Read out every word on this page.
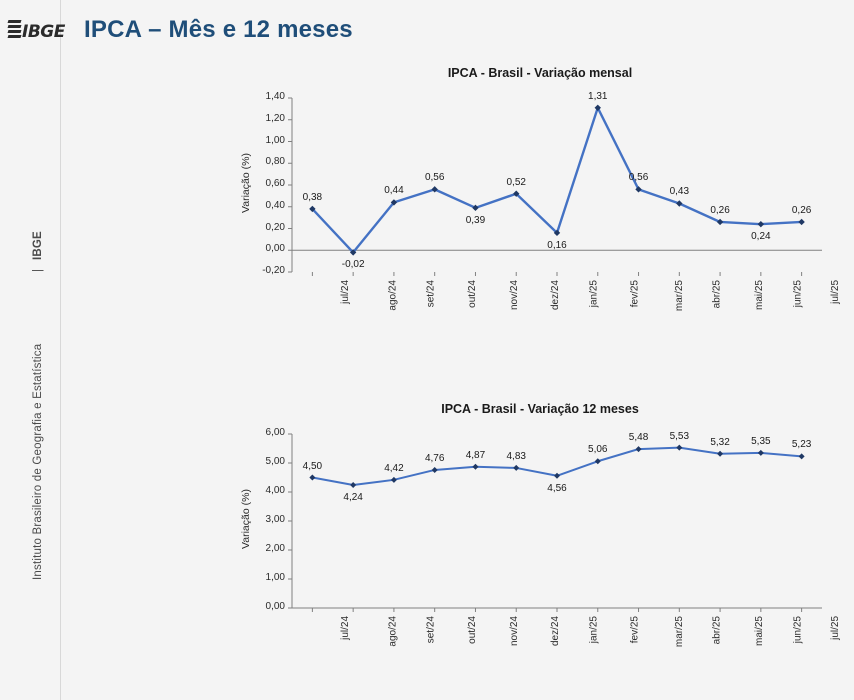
IBGE
Instituto Brasileiro de Geografia e Estatística
|
IBGE
IPCA – Mês e 12 meses
IPCA - Brasil - Variação mensal
1,40
1,20
1,00
0,80
0,60
0,40
0,20
0,00
-0,20
Variação (%)
jul/24	ago/24	set/24	out/24	nov/24	dez/24	jan/25	fev/25	mar/25	abr/25	mai/25	jun/25	jul/25
0,38
-0,02
0,44
0,56
0,39
0,52
0,16
1,31
0,56
0,43
0,26
0,24
0,26
IPCA - Brasil - Variação 12 meses
6,00
5,00
4,00
3,00
2,00
1,00
0,00
Variação (%)
jul/24	ago/24	set/24	out/24	nov/24	dez/24	jan/25	fev/25	mar/25	abr/25	mai/25	jun/25	jul/25
4,50
4,24
4,42
4,76 4,87 4,83
4,56
5,06
5,48 5,53
5,32 5,35 5,23
